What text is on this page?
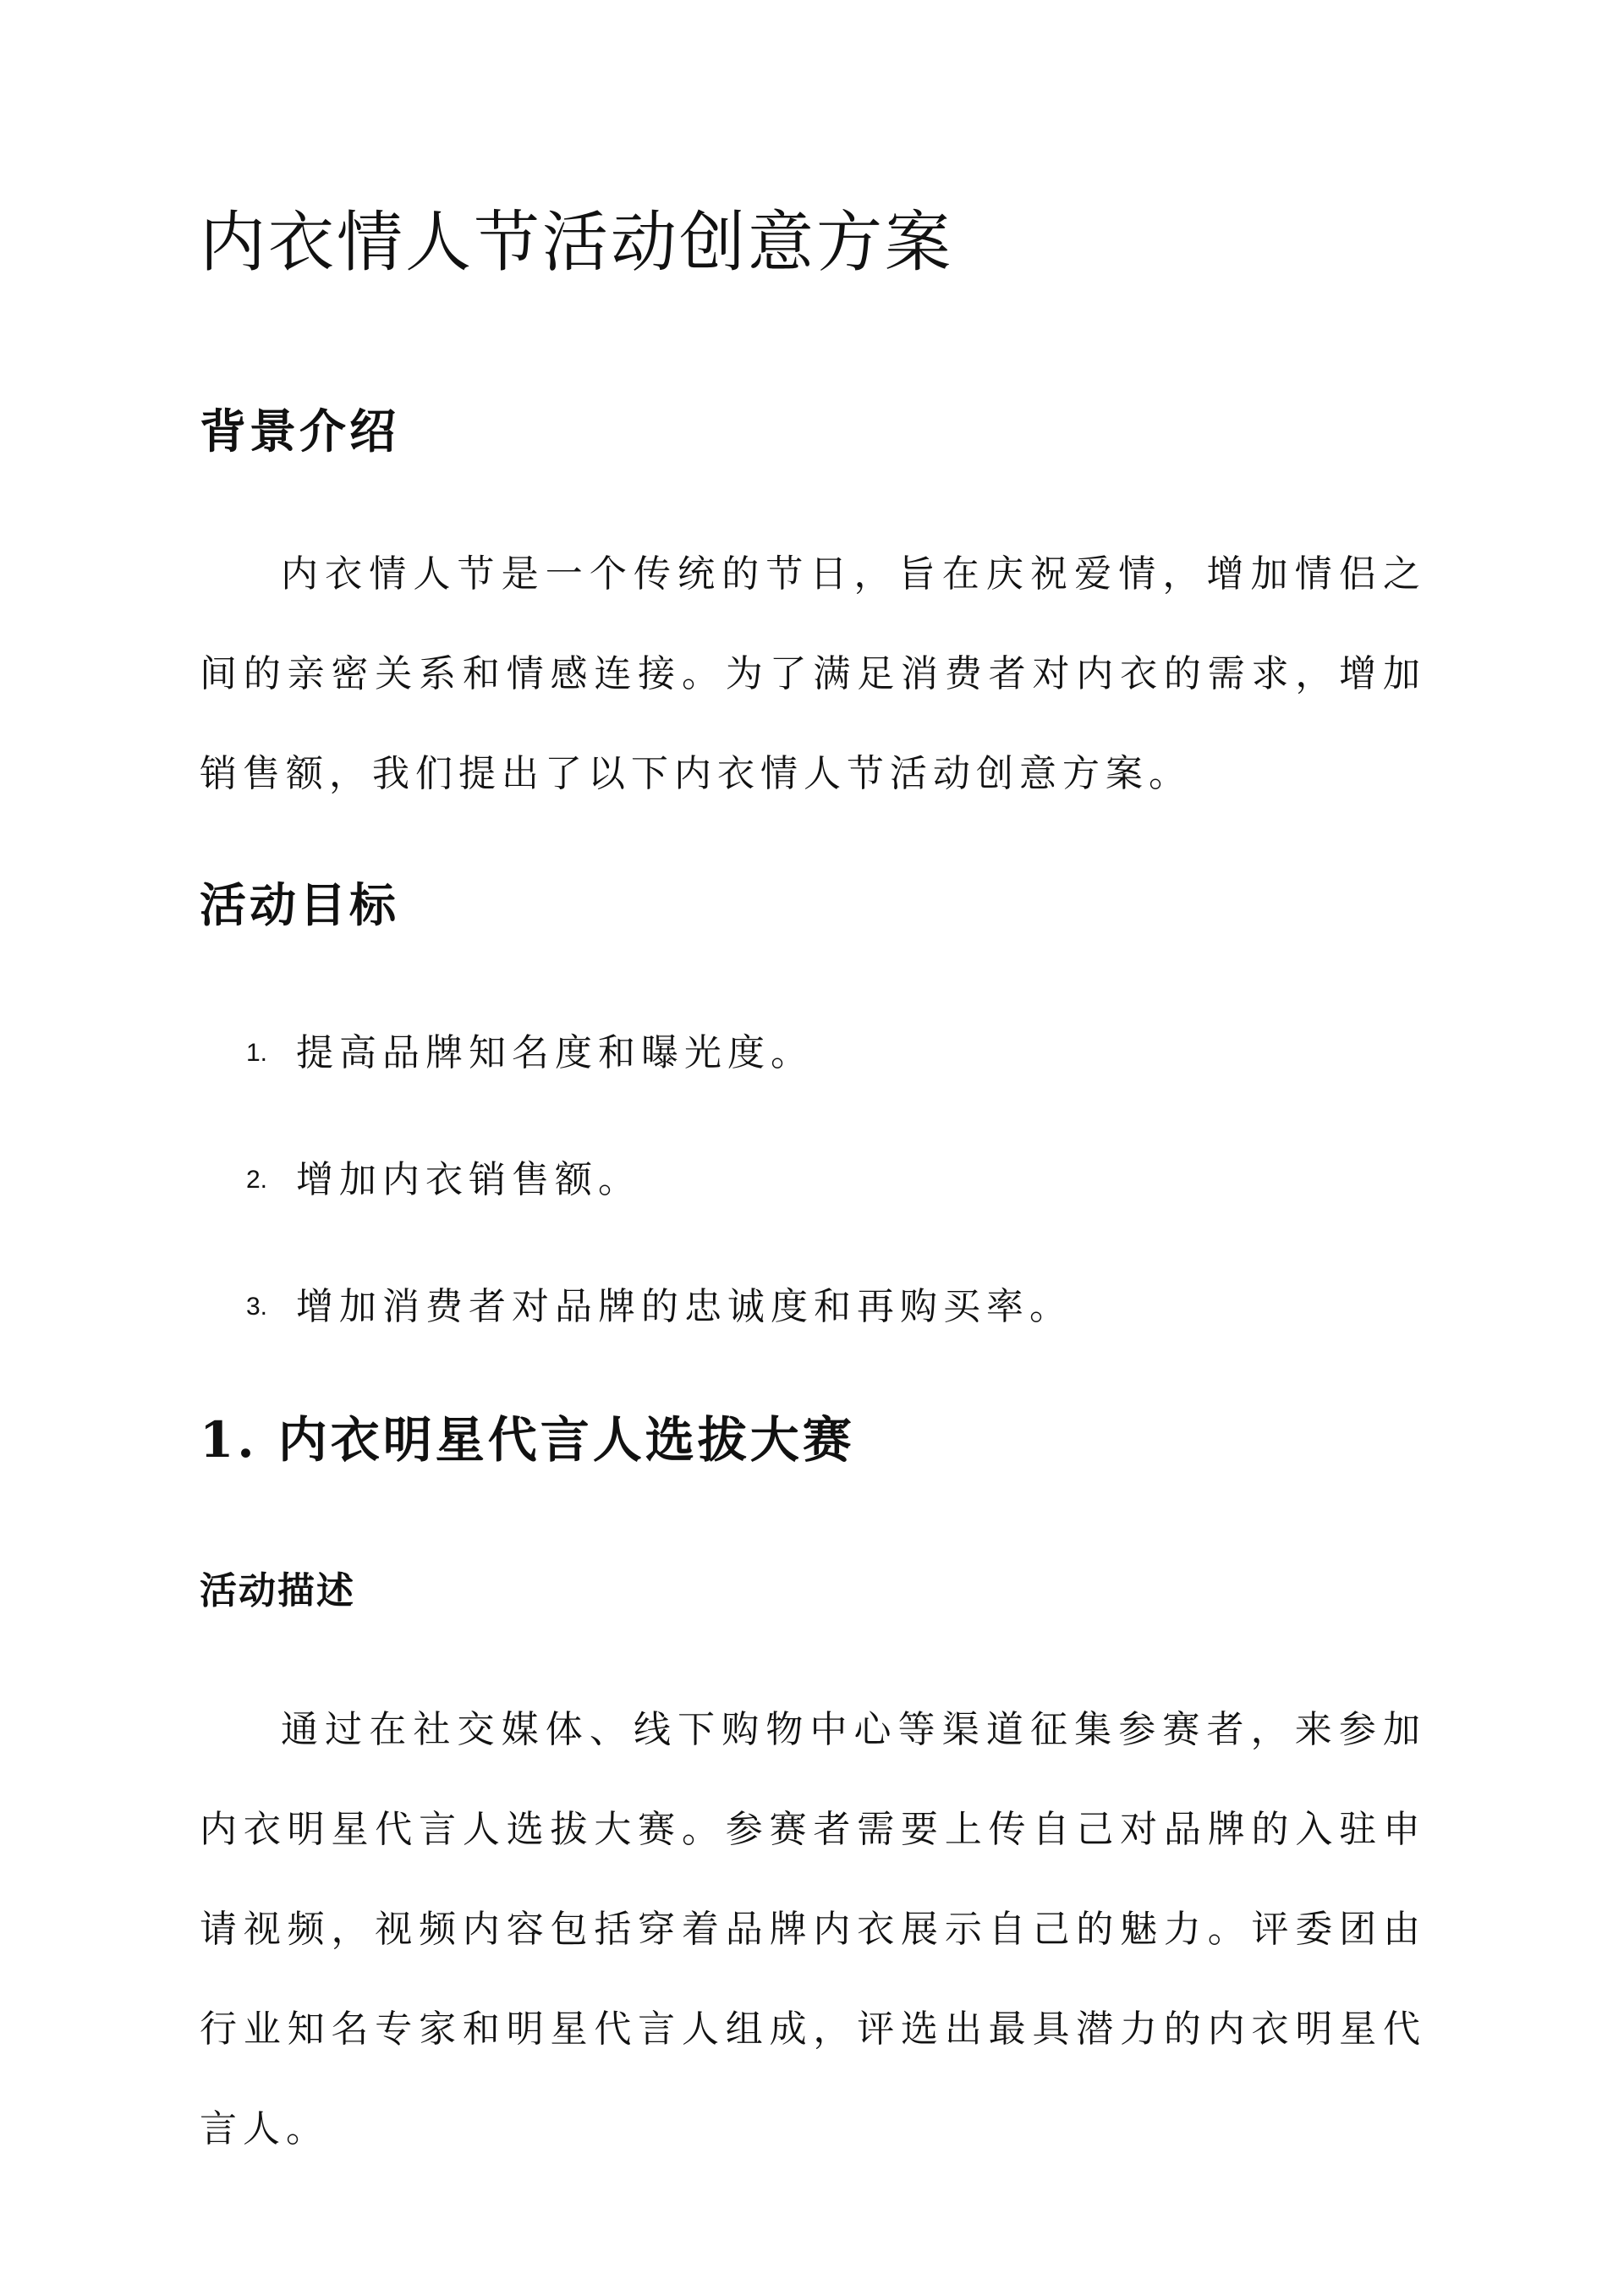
内衣情人节活动创意方案
背景介绍

内衣情人节是一个传统的节日，旨在庆祝爱情，增加情侣之间的亲密关系和情感连接。为了满足消费者对内衣的需求，增加销售额，我们提出了以下内衣情人节活动创意方案。

活动目标
1. 提高品牌知名度和曝光度。
2. 增加内衣销售额。
3. 增加消费者对品牌的忠诚度和再购买率。
1. 内衣明星代言人选拔大赛
活动描述

通过在社交媒体、线下购物中心等渠道征集参赛者，来参加内衣明星代言人选拔大赛。参赛者需要上传自己对品牌的入驻申请视频，视频内容包括穿着品牌内衣展示自己的魅力。评委团由行业知名专家和明星代言人组成，评选出最具潜力的内衣明星代言人。
